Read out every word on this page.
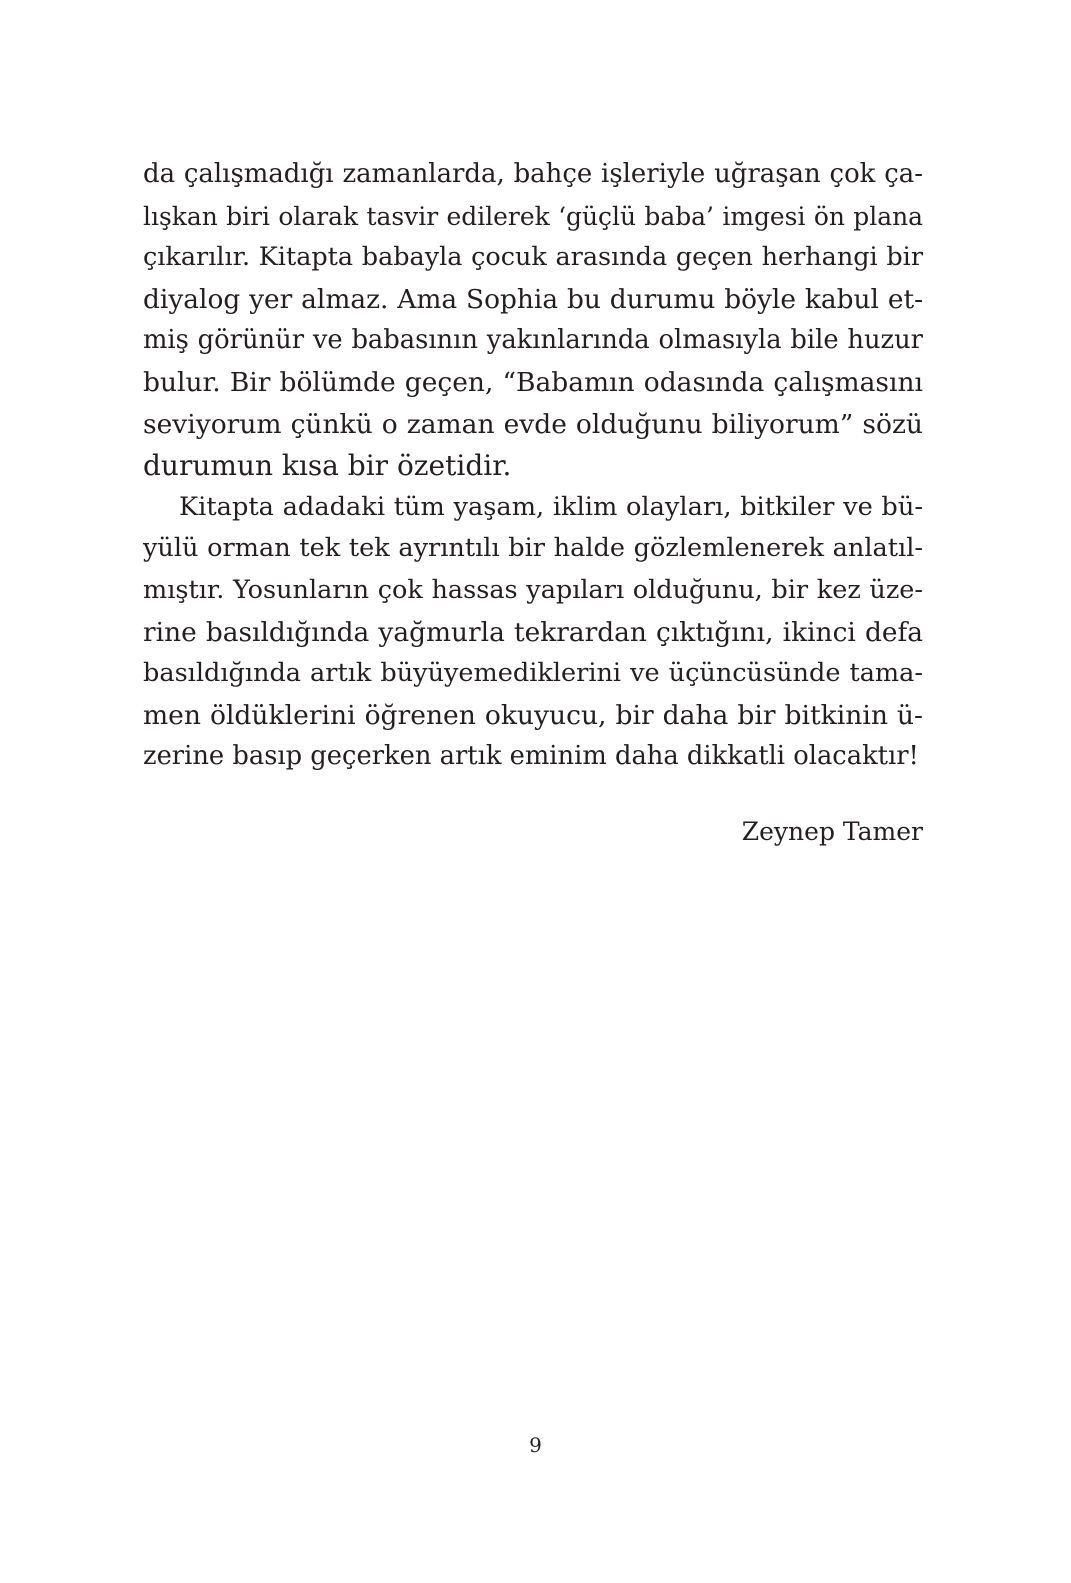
da çalışmadığı zamanlarda, bahçe işleriyle uğraşan çok ça-
lışkan biri olarak tasvir edilerek ‘güçlü baba’ imgesi ön plana
çıkarılır. Kitapta babayla çocuk arasında geçen herhangi bir
diyalog yer almaz. Ama Sophia bu durumu böyle kabul et-
miş görünür ve babasının yakınlarında olmasıyla bile huzur
bulur. Bir bölümde geçen, “Babamın odasında çalışmasını
seviyorum çünkü o zaman evde olduğunu biliyorum” sözü
durumun kısa bir özetidir.
Kitapta adadaki tüm yaşam, iklim olayları, bitkiler ve bü-
yülü orman tek tek ayrıntılı bir halde gözlemlenerek anlatıl-
mıştır. Yosunların çok hassas yapıları olduğunu, bir kez üze-
rine basıldığında yağmurla tekrardan çıktığını, ikinci defa
basıldığında artık büyüyemediklerini ve üçüncüsünde tama-
men öldüklerini öğrenen okuyucu, bir daha bir bitkinin ü-
zerine basıp geçerken artık eminim daha dikkatli olacaktır!
Zeynep Tamer
9
